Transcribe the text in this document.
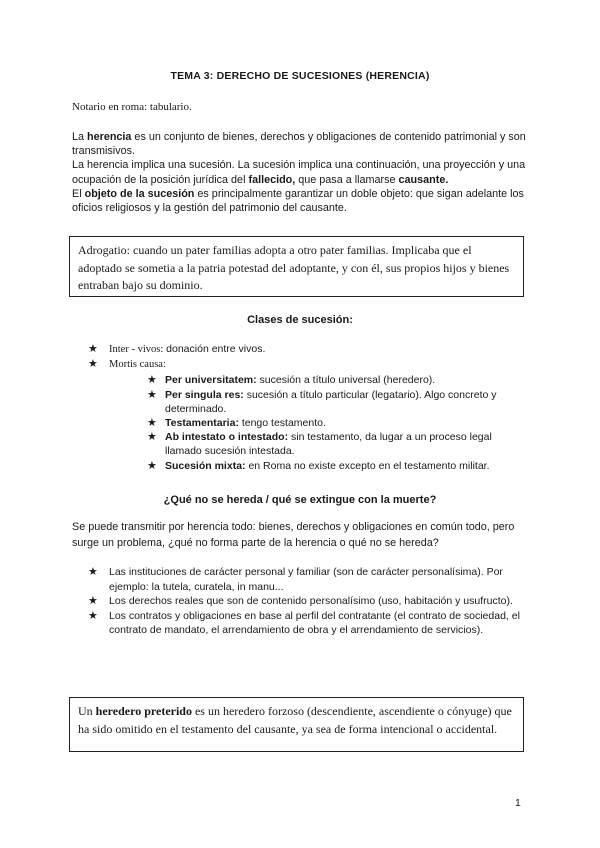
TEMA 3: DERECHO DE SUCESIONES (HERENCIA)
Notario en roma: tabulario.

La herencia es un conjunto de bienes, derechos y obligaciones de contenido patrimonial y son transmisivos.

La herencia implica una sucesión. La sucesión implica una continuación, una proyección y una ocupación de la posición jurídica del fallecido, que pasa a llamarse causante.

El objeto de la sucesión es principalmente garantizar un doble objeto: que sigan adelante los oficios religiosos y la gestión del patrimonio del causante.

Adrogatio: cuando un pater familias adopta a otro pater familias. Implicaba que el adoptado se sometia a la patria potestad del adoptante, y con él, sus propios hijos y bienes entraban bajo su dominio.
Clases de sucesión:
★ Inter - vivos: donación entre vivos.
★ Mortis causa:
★ Per universitatem: sucesión a título universal (heredero).
★ Per singula res: sucesión a título particular (legatario). Algo concreto y determinado.
★ Testamentaria: tengo testamento.
★ Ab intestato o intestado: sin testamento, da lugar a un proceso legal llamado sucesión intestada.
★ Sucesión mixta: en Roma no existe excepto en el testamento militar.
¿Qué no se hereda / qué se extingue con la muerte?
Se puede transmitir por herencia todo: bienes, derechos y obligaciones en común todo, pero surge un problema, ¿qué no forma parte de la herencia o qué no se hereda?
★ Las instituciones de carácter personal y familiar (son de carácter personalísima). Por ejemplo: la tutela, curatela, in manu...
★ Los derechos reales que son de contenido personalísimo (uso, habitación y usufructo).
★ Los contratos y obligaciones en base al perfil del contratante (el contrato de sociedad, el contrato de mandato, el arrendamiento de obra y el arrendamiento de servicios).
Un heredero preterido es un heredero forzoso (descendiente, ascendiente o cónyuge) que ha sido omitido en el testamento del causante, ya sea de forma intencional o accidental.
1
